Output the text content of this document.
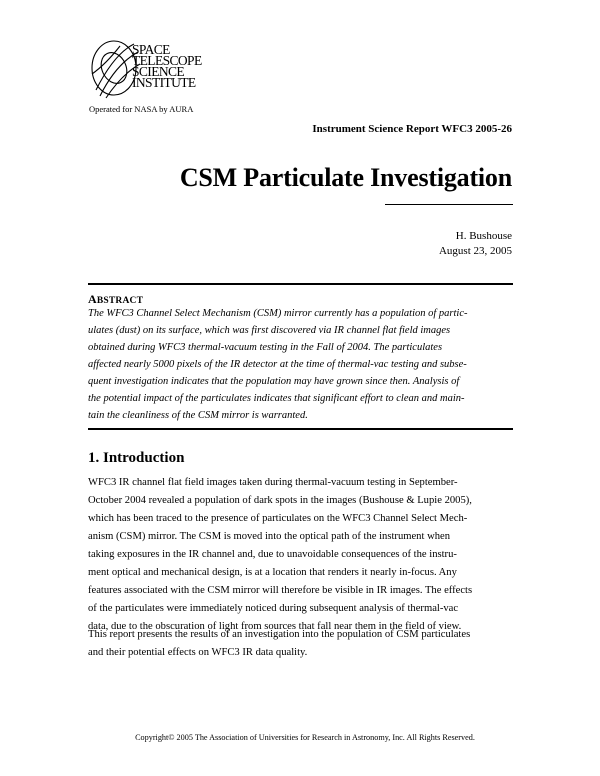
SPACE
TELESCOPE
SCIENCE
INSTITUTE
Operated for NASA by AURA
Instrument Science Report WFC3 2005-26
CSM Particulate Investigation
H. Bushouse
August 23, 2005
ABSTRACT
The WFC3 Channel Select Mechanism (CSM) mirror currently has a population of partic-
ulates (dust) on its surface, which was first discovered via IR channel flat field images
obtained during WFC3 thermal-vacuum testing in the Fall of 2004. The particulates
affected nearly 5000 pixels of the IR detector at the time of thermal-vac testing and subse-
quent investigation indicates that the population may have grown since then. Analysis of
the potential impact of the particulates indicates that significant effort to clean and main-
tain the cleanliness of the CSM mirror is warranted.
1. Introduction
WFC3 IR channel flat field images taken during thermal-vacuum testing in September-
October 2004 revealed a population of dark spots in the images (Bushouse & Lupie 2005),
which has been traced to the presence of particulates on the WFC3 Channel Select Mech-
anism (CSM) mirror. The CSM is moved into the optical path of the instrument when
taking exposures in the IR channel and, due to unavoidable consequences of the instru-
ment optical and mechanical design, is at a location that renders it nearly in-focus. Any
features associated with the CSM mirror will therefore be visible in IR images. The effects
of the particulates were immediately noticed during subsequent analysis of thermal-vac
data, due to the obscuration of light from sources that fall near them in the field of view.
This report presents the results of an investigation into the population of CSM particulates
and their potential effects on WFC3 IR data quality.
Copyright© 2005 The Association of Universities for Research in Astronomy, Inc. All Rights Reserved.
